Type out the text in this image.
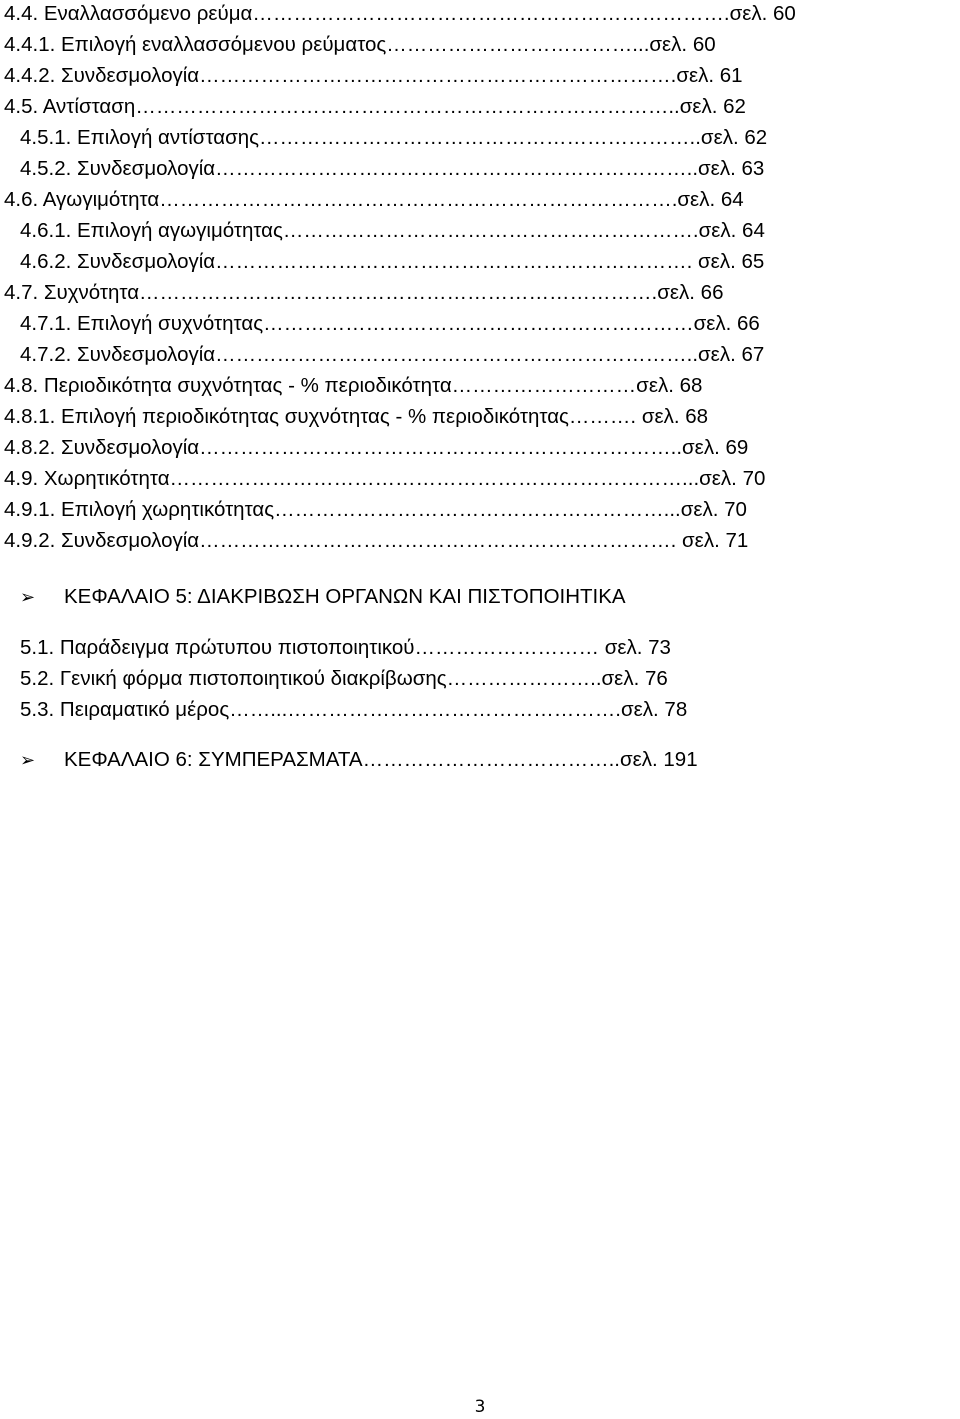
4.4. Εναλλασσόμενο ρεύμα…………………………………………………………….σελ. 60
4.4.1. Επιλογή εναλλασσόμενου ρεύματος………………………………...σελ. 60
4.4.2. Συνδεσμολογία…………………………………………………………….σελ. 61
4.5. Αντίσταση……………………………………………………………………..σελ. 62
4.5.1. Επιλογή αντίστασης………………………………………………………..σελ. 62
4.5.2. Συνδεσμολογία……………………………………………………………..σελ. 63
4.6. Αγωγιμότητα………………………………………………………………….σελ. 64
4.6.1. Επιλογή αγωγιμότητας…………………………………………………….σελ. 64
4.6.2. Συνδεσμολογία……………………………………………………………. σελ. 65
4.7. Συχνότητα………………………………………………………………….σελ. 66
4.7.1. Επιλογή συχνότητας………………………………………………………σελ. 66
4.7.2. Συνδεσμολογία……………………………………………………………..σελ. 67
4.8. Περιοδικότητα συχνότητας - % περιοδικότητα………………………σελ. 68
4.8.1. Επιλογή περιοδικότητας συχνότητας - % περιοδικότητας………. σελ. 68
4.8.2. Συνδεσμολογία……………………………………………………………..σελ. 69
4.9. Χωρητικότητα…………………………………………………………………...σελ. 70
4.9.1. Επιλογή χωρητικότητας…………………………………………………...σελ. 70
4.9.2. Συνδεσμολογία……………………………………………………………. σελ. 71
➢ ΚΕΦΑΛΑΙΟ 5: ΔΙΑΚΡΙΒΩΣΗ ΟΡΓΑΝΩΝ ΚΑΙ ΠΙΣΤΟΠΟΙΗΤΙΚΑ
5.1. Παράδειγμα πρώτυπου πιστοποιητικού……………………… σελ. 73
5.2. Γενική φόρμα πιστοποιητικού διακρίβωσης…………………..σελ. 76
5.3. Πειραματικό μέρος……...………………………………………….σελ. 78
➢ ΚΕΦΑΛΑΙΟ 6: ΣΥΜΠΕΡΑΣΜΑΤΑ………………………………..σελ. 191
3
